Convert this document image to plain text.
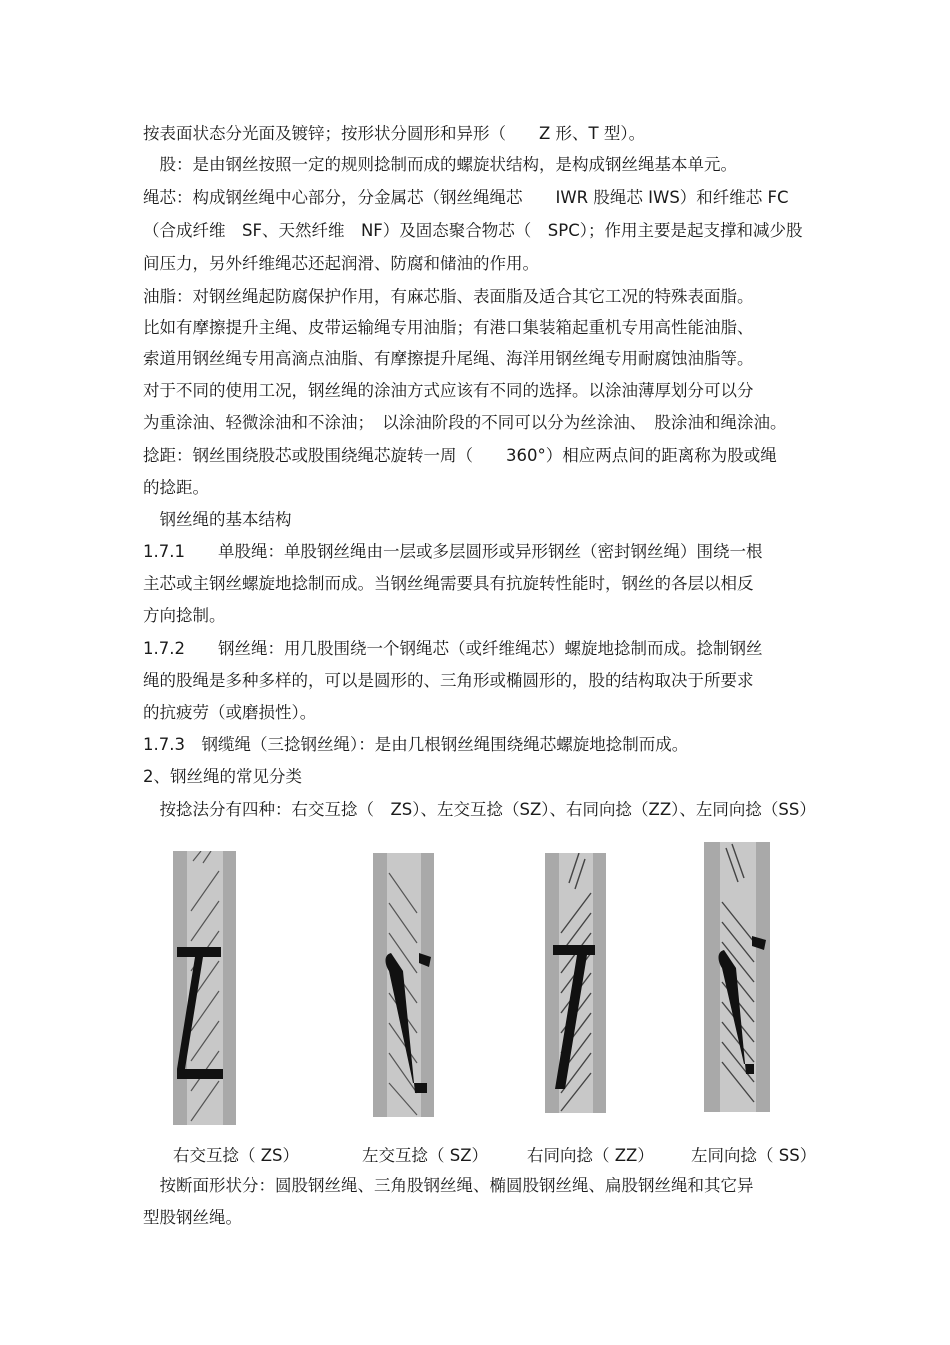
按表面状态分光面及镀锌；按形状分圆形和异形（　　Z 形、T 型）。
　股：是由钢丝按照一定的规则捻制而成的螺旋状结构，是构成钢丝绳基本单元。
绳芯：构成钢丝绳中心部分，分金属芯（钢丝绳绳芯　　IWR 股绳芯 IWS）和纤维芯 FC
（合成纤维　SF、天然纤维　NF）及固态聚合物芯（　SPC）；作用主要是起支撑和减少股
间压力，另外纤维绳芯还起润滑、防腐和储油的作用。
油脂：对钢丝绳起防腐保护作用，有麻芯脂、表面脂及适合其它工况的特殊表面脂。
比如有摩擦提升主绳、皮带运输绳专用油脂；有港口集装箱起重机专用高性能油脂、
索道用钢丝绳专用高滴点油脂、有摩擦提升尾绳、海洋用钢丝绳专用耐腐蚀油脂等。
对于不同的使用工况，钢丝绳的涂油方式应该有不同的选择。以涂油薄厚划分可以分
为重涂油、轻微涂油和不涂油；　以涂油阶段的不同可以分为丝涂油、　股涂油和绳涂油。
捻距：钢丝围绕股芯或股围绕绳芯旋转一周（　　360°）相应两点间的距离称为股或绳
的捻距。
　钢丝绳的基本结构
1.7.1　　单股绳：单股钢丝绳由一层或多层圆形或异形钢丝（密封钢丝绳）围绕一根
主芯或主钢丝螺旋地捻制而成。当钢丝绳需要具有抗旋转性能时，钢丝的各层以相反
方向捻制。
1.7.2　　钢丝绳：用几股围绕一个钢绳芯（或纤维绳芯）螺旋地捻制而成。捻制钢丝
绳的股绳是多种多样的，可以是圆形的、三角形或椭圆形的，股的结构取决于所要求
的抗疲劳（或磨损性）。
1.7.3　钢缆绳（三捻钢丝绳）：是由几根钢丝绳围绕绳芯螺旋地捻制而成。
2、钢丝绳的常见分类
　按捻法分有四种：右交互捻（　ZS）、左交互捻（SZ）、右同向捻（ZZ）、左同向捻（SS）
右交互捻（ ZS）	左交互捻（ SZ） 右同向捻（ ZZ） 左同向捻（ SS）
　按断面形状分：圆股钢丝绳、三角股钢丝绳、椭圆股钢丝绳、扁股钢丝绳和其它异
型股钢丝绳。
